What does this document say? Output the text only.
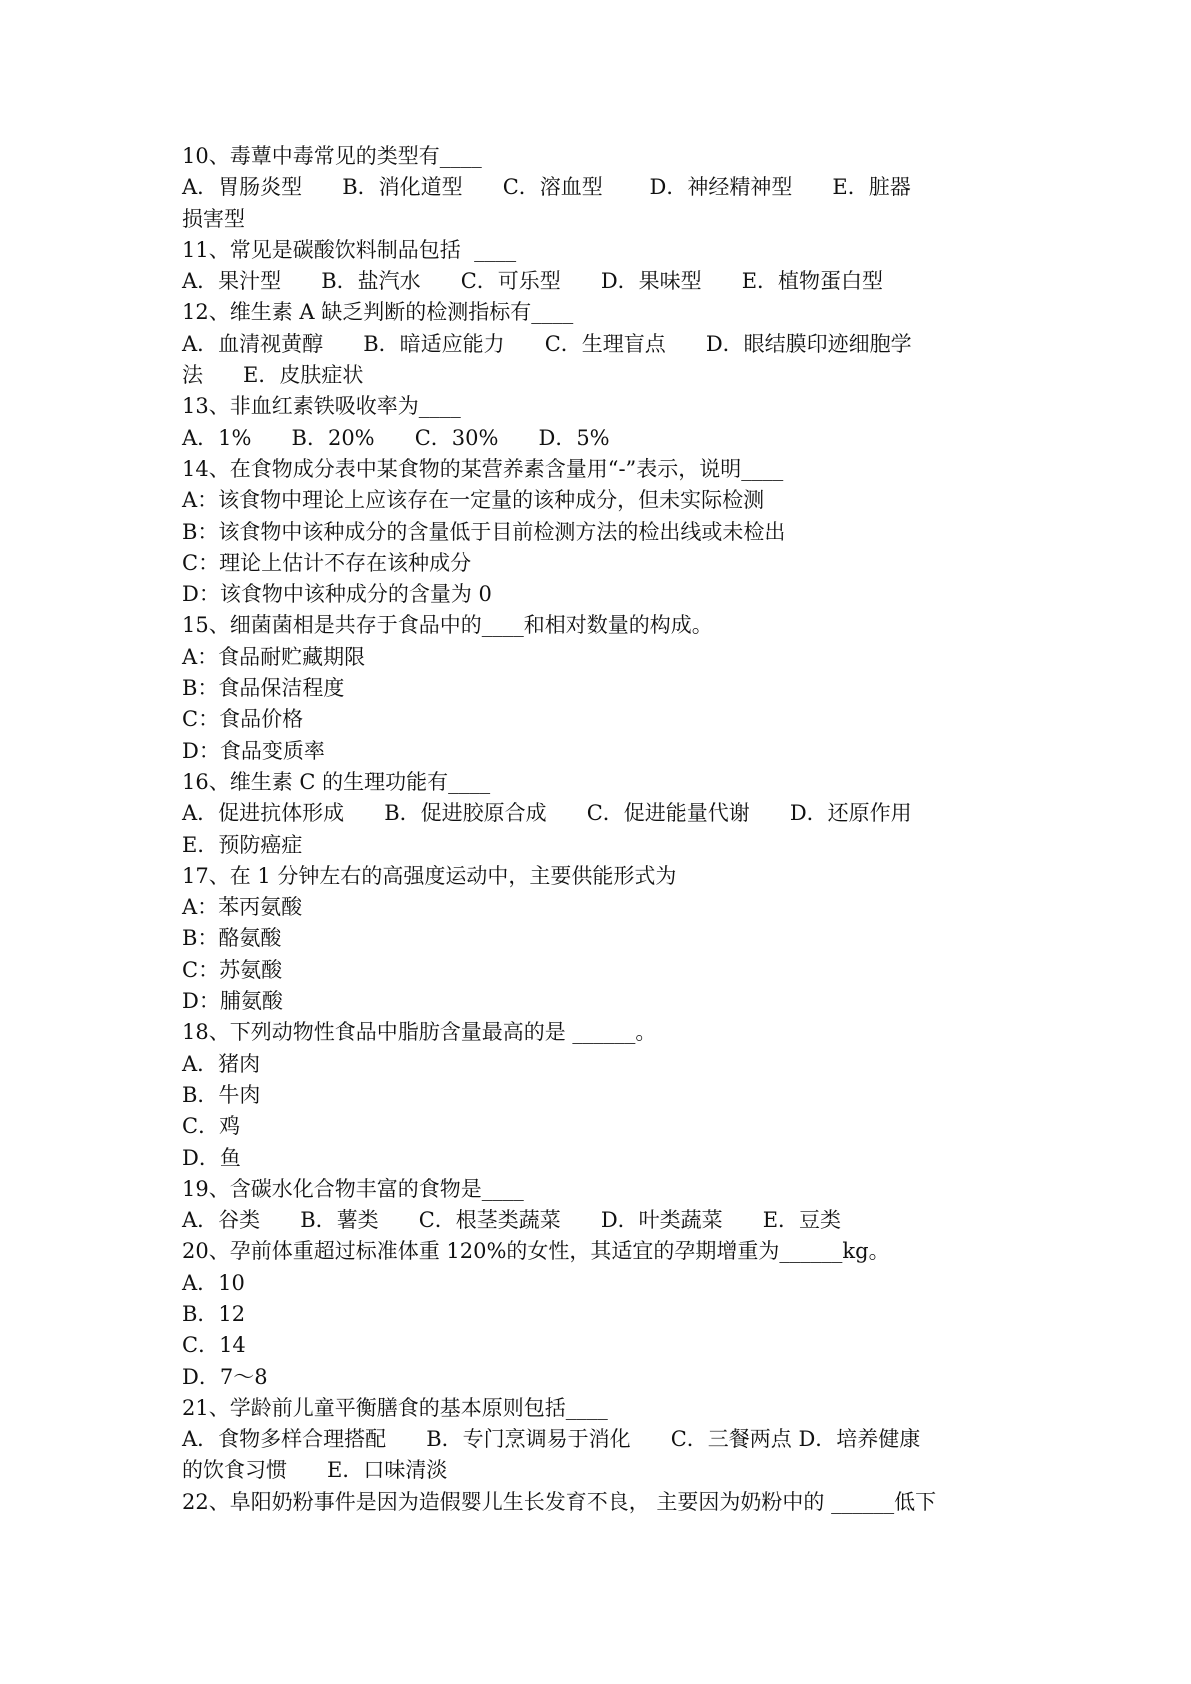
10、毒蕈中毒常见的类型有____
A．胃肠炎型      B．消化道型      C．溶血型       D．神经精神型      E．脏器
损害型
11、常见是碳酸饮料制品包括  ____
A．果汁型      B．盐汽水      C．可乐型      D．果味型      E．植物蛋白型
12、维生素 A 缺乏判断的检测指标有____
A．血清视黄醇      B．暗适应能力      C．生理盲点      D．眼结膜印迹细胞学
法      E．皮肤症状
13、非血红素铁吸收率为____
A．1%      B．20%      C．30%      D．5%
14、在食物成分表中某食物的某营养素含量用“-”表示，说明____
A：该食物中理论上应该存在一定量的该种成分，但未实际检测
B：该食物中该种成分的含量低于目前检测方法的检出线或未检出
C：理论上估计不存在该种成分
D：该食物中该种成分的含量为 0
15、细菌菌相是共存于食品中的____和相对数量的构成。
A：食品耐贮藏期限
B：食品保洁程度
C：食品价格
D：食品变质率
16、维生素 C 的生理功能有____
A．促进抗体形成      B．促进胶原合成      C．促进能量代谢      D．还原作用
E．预防癌症
17、在 1 分钟左右的高强度运动中，主要供能形式为
A：苯丙氨酸
B：酪氨酸
C：苏氨酸
D：脯氨酸
18、下列动物性食品中脂肪含量最高的是 ______。
A．猪肉
B．牛肉
C．鸡
D．鱼
19、含碳水化合物丰富的食物是____
A．谷类      B．薯类      C．根茎类蔬菜      D．叶类蔬菜      E．豆类
20、孕前体重超过标准体重 120%的女性，其适宜的孕期增重为______kg。
A．10
B．12
C．14
D．7～8
21、学龄前儿童平衡膳食的基本原则包括____
A．食物多样合理搭配      B．专门烹调易于消化      C．三餐两点 D．培养健康
的饮食习惯      E．口味清淡
22、阜阳奶粉事件是因为造假婴儿生长发育不良， 主要因为奶粉中的 ______低下
